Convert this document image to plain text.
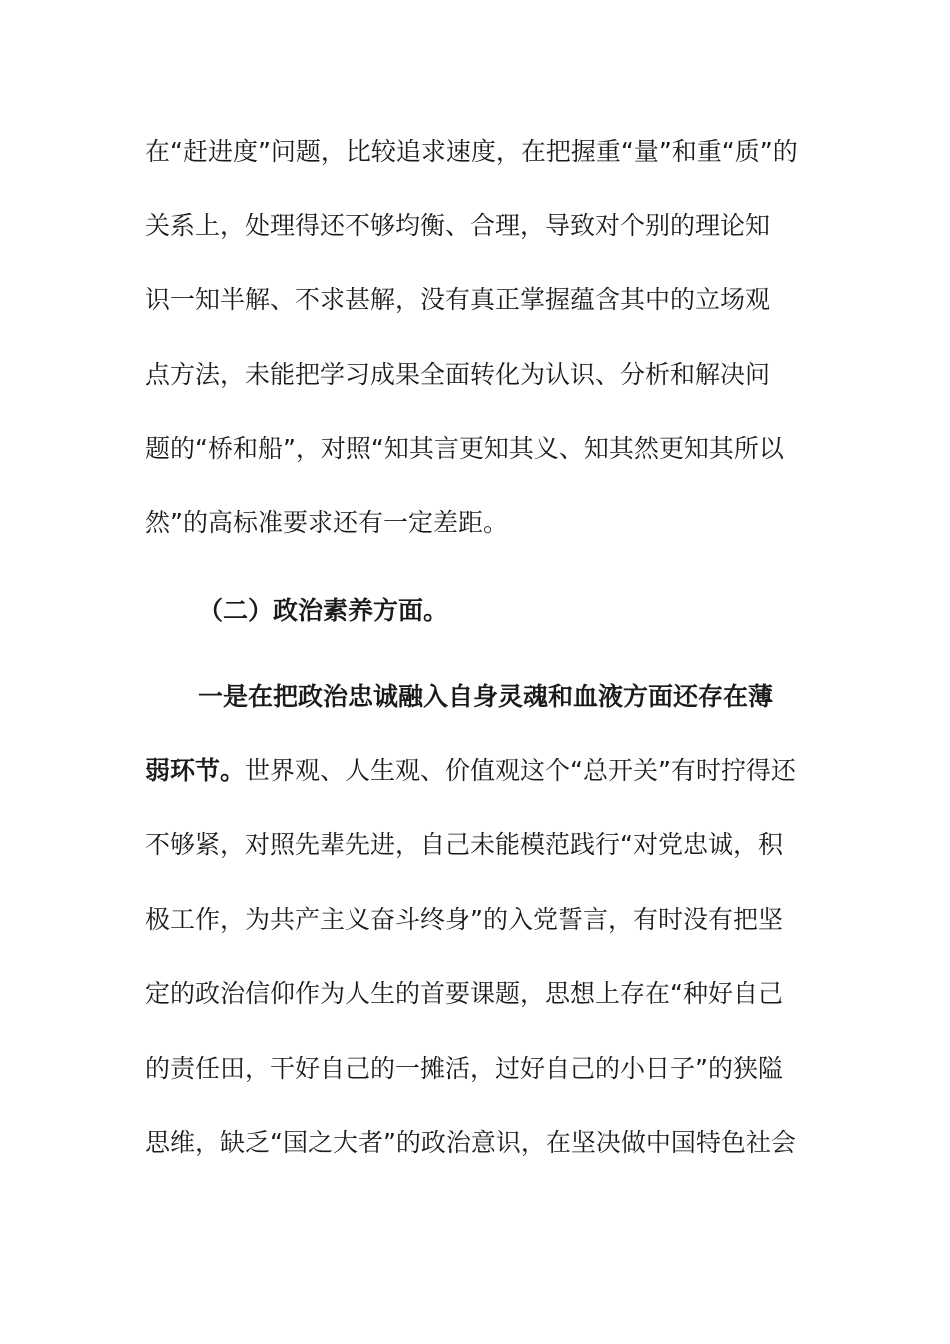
在“赶进度”问题，比较追求速度，在把握重“量”和重“质”的
关系上，处理得还不够均衡、合理，导致对个别的理论知
识一知半解、不求甚解，没有真正掌握蕴含其中的立场观
点方法，未能把学习成果全面转化为认识、分析和解决问
题的“桥和船”，对照“知其言更知其义、知其然更知其所以
然”的高标准要求还有一定差距。
（二）政治素养方面。
一是在把政治忠诚融入自身灵魂和血液方面还存在薄
弱环节。世界观、人生观、价值观这个“总开关”有时拧得还
不够紧，对照先辈先进，自己未能模范践行“对党忠诚，积
极工作，为共产主义奋斗终身”的入党誓言，有时没有把坚
定的政治信仰作为人生的首要课题，思想上存在“种好自己
的责任田，干好自己的一摊活，过好自己的小日子”的狭隘
思维，缺乏“国之大者”的政治意识，在坚决做中国特色社会
